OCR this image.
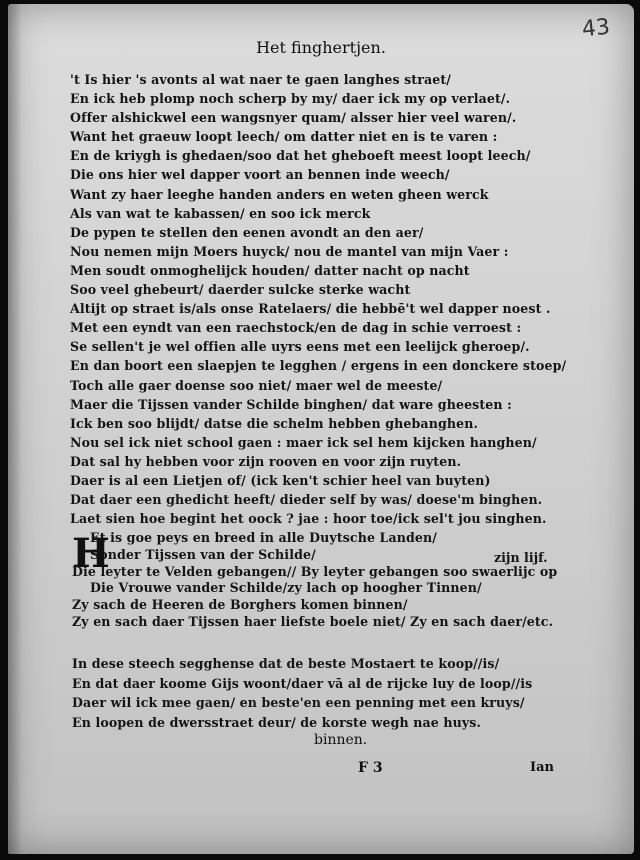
43
Het finghertjen.
't Is hier 's avonts al wat naer te gaen langhes straet/
En ick heb plomp noch scherp by my/ daer ick my op verlaet/.
Offer alshickwel een wangsnyer quam/ alsser hier veel waren/.
Want het graeuw loopt leech/ om datter niet en is te varen :
En de kriygh is ghedaen/soo dat het gheboeft meest loopt leech/
Die ons hier wel dapper voort an bennen inde weech/
Want zy haer leeghe handen anders en weten gheen werck
Als van wat te kabassen/ en soo ick merck
De pypen te stellen den eenen avondt an den aer/
Nou nemen mijn Moers huyck/ nou de mantel van mijn Vaer :
Men soudt onmoghelijck houden/ datter nacht op nacht
Soo veel ghebeurt/ daerder sulcke sterke wacht
Altijt op straet is/als onse Ratelaers/ die hebbē't wel dapper noest .
Met een eyndt van een raechstock/en de dag in schie verroest :
Se sellen't je wel offien alle uyrs eens met een leelijck gheroep/.
En dan boort een slaepjen te legghen / ergens in een donckere stoep/
Toch alle gaer doense soo niet/ maer wel de meeste/
Maer die Tijssen vander Schilde binghen/ dat ware gheesten :
Ick ben soo blijdt/ datse die schelm hebben ghebanghen.
Nou sel ick niet school gaen : maer ick sel hem kijcken hanghen/
Dat sal hy hebben voor zijn rooven en voor zijn ruyten.
Daer is al een Lietjen of/ (ick ken't schier heel van buyten)
Dat daer een ghedicht heeft/ dieder self by was/ doese'm binghen.
Laet sien hoe begint het oock ? jae : hoor toe/ick sel't jou singhen.
H
Et is goe peys en breed in alle Duytsche Landen/
Sonder Tijssen van der Schilde/
Die leyter te Velden gebangen// By leyter gebangen soo swaerlijc op
Die Vrouwe vander Schilde/zy lach op hoogher Tinnen/
Zy sach de Heeren de Borghers komen binnen/
Zy en sach daer Tijssen haer liefste boele niet/ Zy en sach daer/etc.
zijn lijf.
In dese steech segghense dat de beste Mostaert te koop//is/
En dat daer koome Gijs woont/daer vā al de rijcke luy de loop//is
Daer wil ick mee gaen/ en beste'en een penning met een kruys/
En loopen de dwersstraet deur/ de korste wegh nae huys.
binnen.
F 3	Ian
